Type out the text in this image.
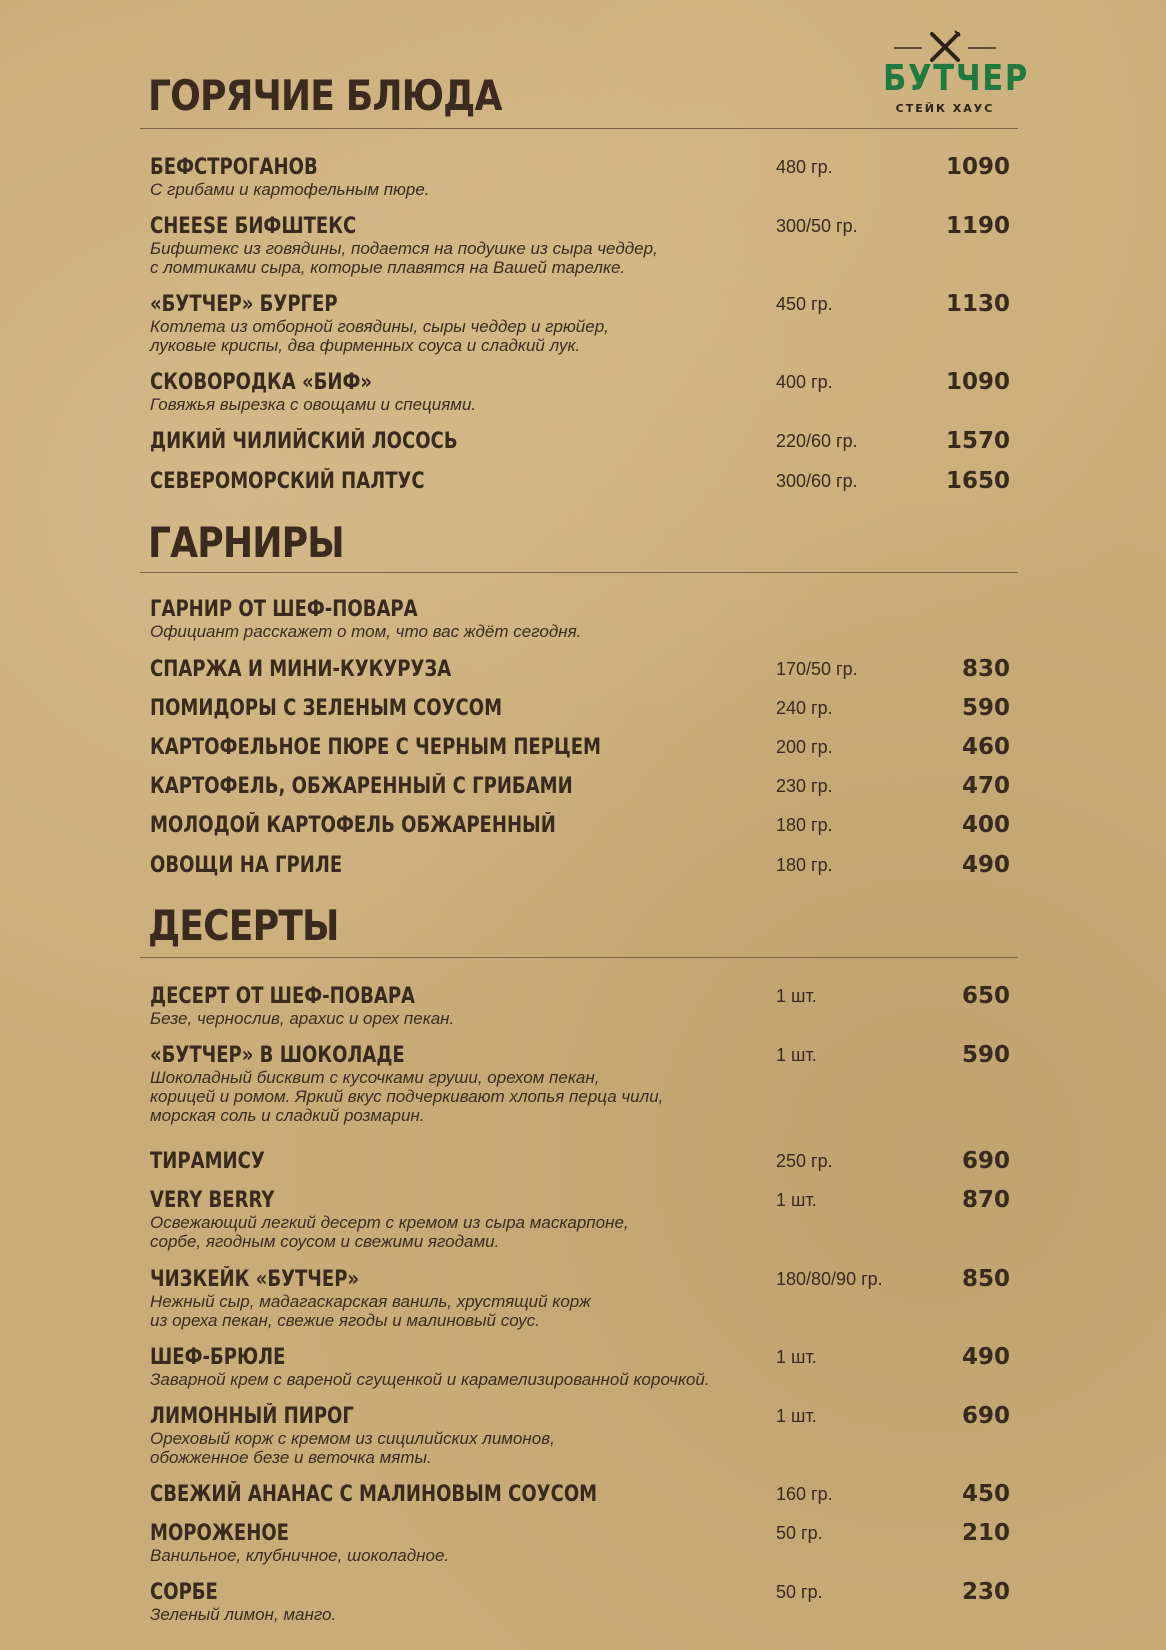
БУТЧЕР
СТЕЙК ХАУС
ГОРЯЧИЕ БЛЮДА
БЕФСТРОГАНОВ
С грибами и картофельным пюре.
480 гр.	1090
CHEESE БИФШТЕКС
Бифштекс из говядины, подается на подушке из сыра чеддер,
с ломтиками сыра, которые плавятся на Вашей тарелке.
300/50 гр.	1190
«БУТЧЕР» БУРГЕР
Котлета из отборной говядины, сыры чеддер и грюйер,
луковые криспы, два фирменных соуса и сладкий лук.
450 гр.	1130
СКОВОРОДКА «БИФ»
Говяжья вырезка с овощами и специями.
400 гр.	1090
ДИКИЙ ЧИЛИЙСКИЙ ЛОСОСЬ	220/60 гр.	1570
СЕВЕРОМОРСКИЙ ПАЛТУС	300/60 гр.	1650
ГАРНИРЫ
ГАРНИР ОТ ШЕФ-ПОВАРА
Официант расскажет о том, что вас ждёт сегодня.
СПАРЖА И МИНИ-КУКУРУЗА	170/50 гр.	830
ПОМИДОРЫ С ЗЕЛЕНЫМ СОУСОМ	240 гр.	590
КАРТОФЕЛЬНОЕ ПЮРЕ С ЧЕРНЫМ ПЕРЦЕМ	200 гр.	460
КАРТОФЕЛЬ, ОБЖАРЕННЫЙ С ГРИБАМИ	230 гр.	470
МОЛОДОЙ КАРТОФЕЛЬ ОБЖАРЕННЫЙ	180 гр.	400
ОВОЩИ НА ГРИЛЕ	180 гр.	490
ДЕСЕРТЫ
ДЕСЕРТ ОТ ШЕФ-ПОВАРА
Безе, чернослив, арахис и орех пекан.
1 шт.	650
«БУТЧЕР» В ШОКОЛАДЕ
Шоколадный бисквит с кусочками груши, орехом пекан,
корицей и ромом. Яркий вкус подчеркивают хлопья перца чили,
морская соль и сладкий розмарин.
1 шт.	590
ТИРАМИСУ	250 гр.	690
VERY BERRY
Освежающий легкий десерт с кремом из сыра маскарпоне,
сорбе, ягодным соусом и свежими ягодами.
1 шт.	870
ЧИЗКЕЙК «БУТЧЕР»
Нежный сыр, мадагаскарская ваниль, хрустящий корж
из ореха пекан, свежие ягоды и малиновый соус.
180/80/90 гр.	850
ШЕФ-БРЮЛЕ
Заварной крем с вареной сгущенкой и карамелизированной корочкой.
1 шт.	490
ЛИМОННЫЙ ПИРОГ
Ореховый корж с кремом из сицилийских лимонов,
обожженное безе и веточка мяты.
1 шт.	690
СВЕЖИЙ АНАНАС С МАЛИНОВЫМ СОУСОМ	160 гр.	450
МОРОЖЕНОЕ
Ванильное, клубничное, шоколадное.
50 гр.	210
СОРБЕ
Зеленый лимон, манго.
50 гр.	230
